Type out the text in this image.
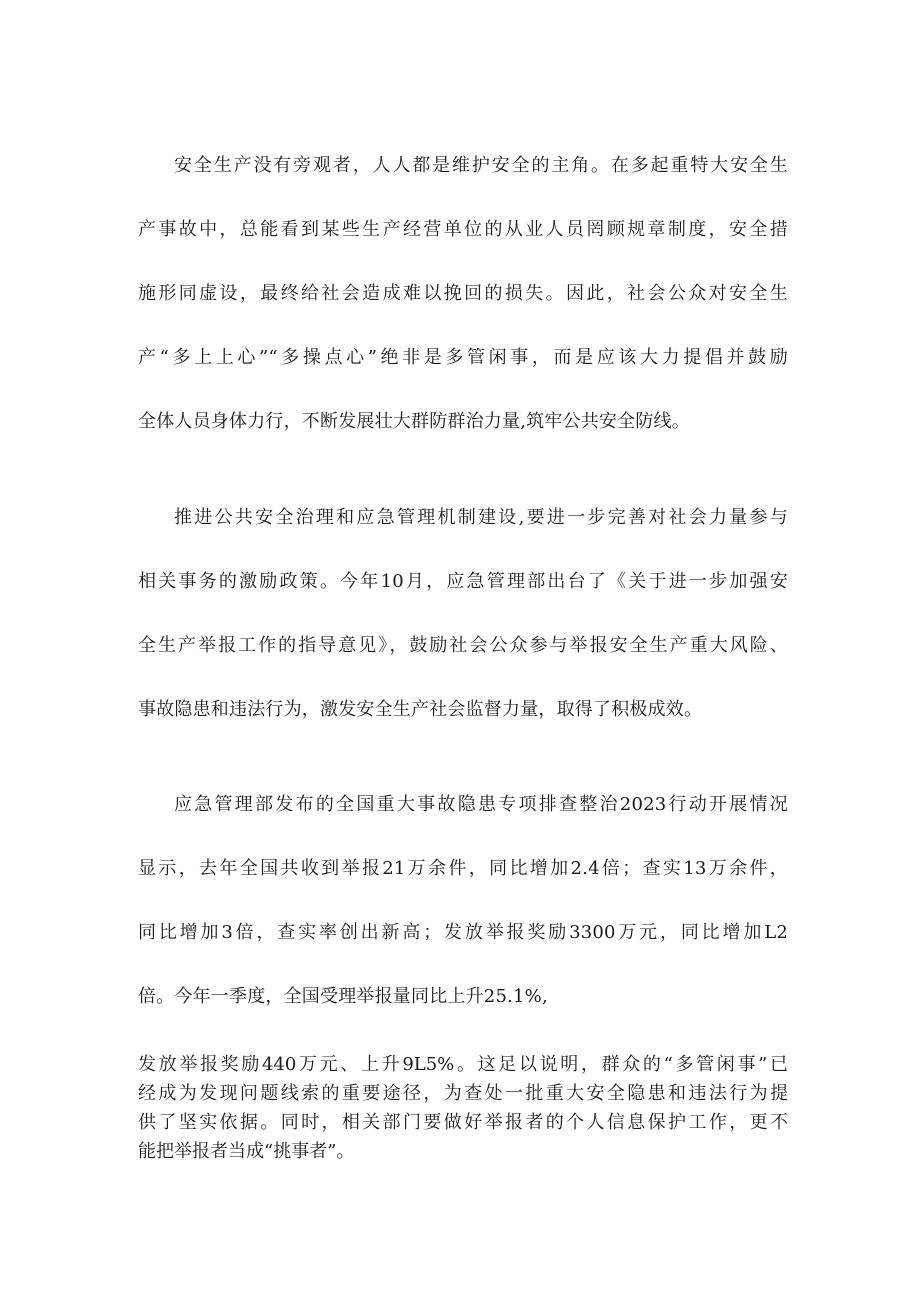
安全生产没有旁观者，人人都是维护安全的主角。在多起重特大安全生

产事故中，总能看到某些生产经营单位的从业人员罔顾规章制度，安全措

施形同虚设，最终给社会造成难以挽回的损失。因此，社会公众对安全生

产“多上上心”“多操点心”绝非是多管闲事，而是应该大力提倡并鼓励

全体人员身体力行，不断发展壮大群防群治力量,筑牢公共安全防线。

推进公共安全治理和应急管理机制建设,要进一步完善对社会力量参与

相关事务的激励政策。今年10月，应急管理部出台了《关于进一步加强安

全生产举报工作的指导意见》，鼓励社会公众参与举报安全生产重大风险、

事故隐患和违法行为，激发安全生产社会监督力量，取得了积极成效。

应急管理部发布的全国重大事故隐患专项排查整治2023行动开展情况

显示，去年全国共收到举报21万余件，同比增加2.4倍；查实13万余件，

同比增加3倍，查实率创出新高；发放举报奖励3300万元，同比增加L2

倍。今年一季度，全国受理举报量同比上升25.1%,

发放举报奖励440万元、上升9L5%。这足以说明，群众的“多管闲事”已
经成为发现问题线索的重要途径，为查处一批重大安全隐患和违法行为提
供了坚实依据。同时，相关部门要做好举报者的个人信息保护工作，更不
能把举报者当成“挑事者”。
